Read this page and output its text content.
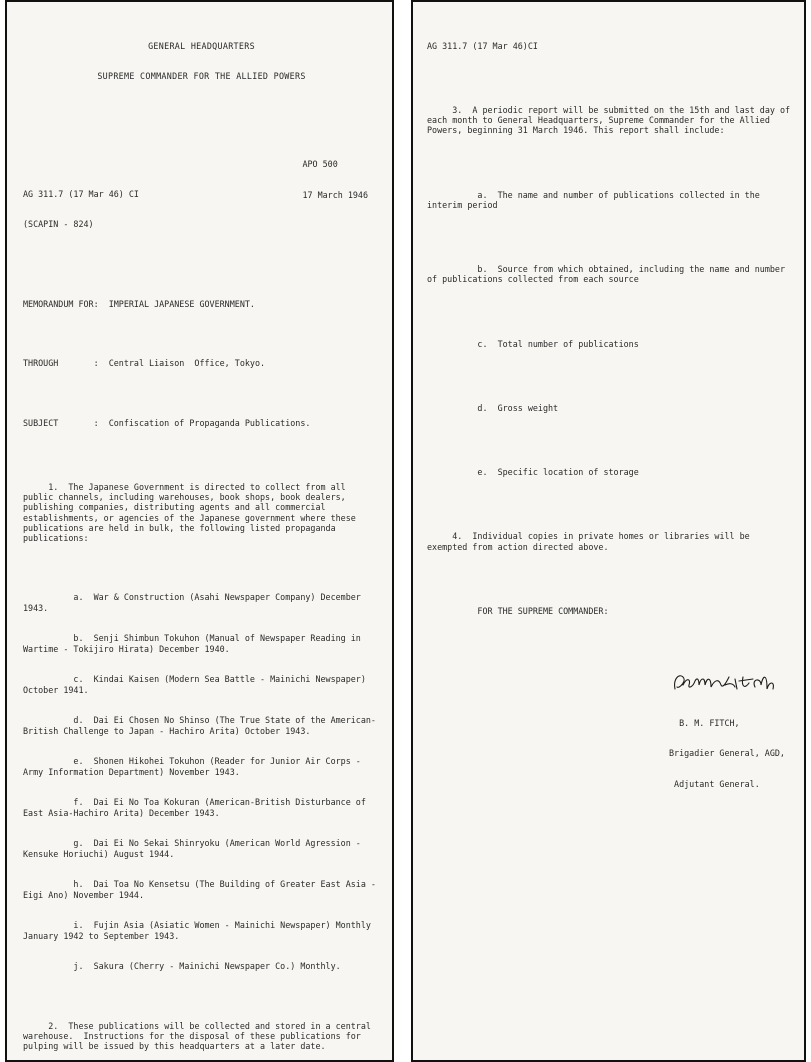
GENERAL HEADQUARTERS

SUPREME COMMANDER FOR THE ALLIED POWERS

AG 311.7 (17 Mar 46) CI

(SCAPIN - 824)

APO 500

17 March 1946

MEMORANDUM FOR:  IMPERIAL JAPANESE GOVERNMENT.

THROUGH       :  Central Liaison  Office, Tokyo.

SUBJECT       :  Confiscation of Propaganda Publications.

1.  The Japanese Government is directed to collect from all public channels, including warehouses, book shops, book dealers, publishing companies, distributing agents and all commercial establishments, or agencies of the Japanese government where these publications are held in bulk, the following listed propaganda publications:

a.  War & Construction (Asahi Newspaper Company) December 1943.

b.  Senji Shimbun Tokuhon (Manual of Newspaper Reading in Wartime - Tokijiro Hirata) December 1940.

c.  Kindai Kaisen (Modern Sea Battle - Mainichi Newspaper) October 1941.

d.  Dai Ei Chosen No Shinso (The True State of the American-British Challenge to Japan - Hachiro Arita) October 1943.

e.  Shonen Hikohei Tokuhon (Reader for Junior Air Corps - Army Information Department) November 1943.

f.  Dai Ei No Toa Kokuran (American-British Disturbance of East Asia-Hachiro Arita) December 1943.

g.  Dai Ei No Sekai Shinryoku (American World Agression - Kensuke Horiuchi) August 1944.

h.  Dai Toa No Kensetsu (The Building of Greater East Asia - Eigi Ano) November 1944.

i.  Fujin Asia (Asiatic Women - Mainichi Newspaper) Monthly January 1942 to September 1943.

j.  Sakura (Cherry - Mainichi Newspaper Co.) Monthly.

2.  These publications will be collected and stored in a central warehouse.  Instructions for the disposal of these publications for pulping will be issued by this headquarters at a later date.

AG 311.7 (17 Mar 46)CI

3.  A periodic report will be submitted on the 15th and last day of each month to General Headquarters, Supreme Commander for the Allied Powers, beginning 31 March 1946. This report shall include:

a.  The name and number of publications collected in the interim period

b.  Source from which obtained, including the name and number of publications collected from each source

c.  Total number of publications

d.  Gross weight

e.  Specific location of storage

4.  Individual copies in private homes or libraries will be exempted from action directed above.

FOR THE SUPREME COMMANDER:

B. M. FITCH,

Brigadier General, AGD,

Adjutant General.
